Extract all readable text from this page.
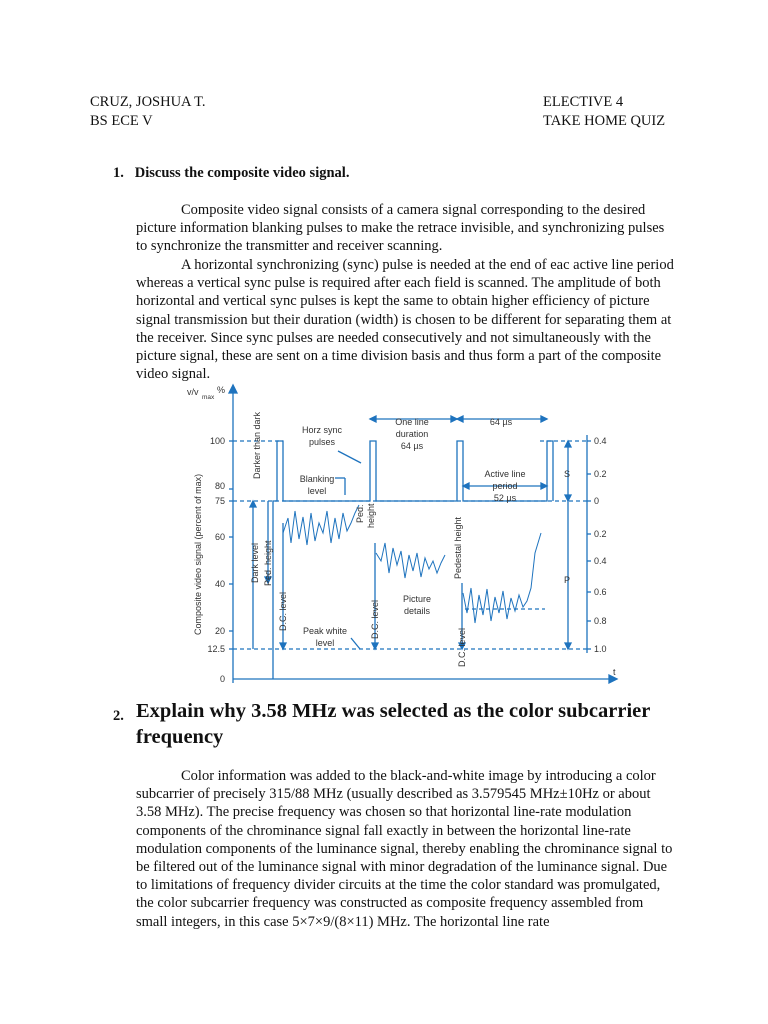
CRUZ, JOSHUA T.
BS ECE V
ELECTIVE 4
TAKE HOME QUIZ
1. Discuss the composite video signal.
Composite video signal consists of a camera signal corresponding to the desired picture information blanking pulses to make the retrace invisible, and synchronizing pulses to synchronize the transmitter and receiver scanning.
A horizontal synchronizing (sync) pulse is needed at the end of eac active line period whereas a vertical sync pulse is required after each field is scanned. The amplitude of both horizontal and vertical sync pulses is kept the same to obtain higher efficiency of picture signal transmission but their duration (width) is chosen to be different for separating them at the receiver. Since sync pulses are needed consecutively and not simultaneously with the picture signal, these are sent on a time division basis and thus form a part of the composite video signal.
v/v
max
%
100
80
75
60
40
20
12.5
0
0.4
0.2
0
0.2
0.4
0.6
0.8
1.0
t
Composite video signal (percent of max)
Darker than dark
Dark level Ped. height
D.C. level	D.C. level
D.C. level
Horz sync
pulses
Blanking
level
One line
duration
64 µs
64 µs
Active line
period
52 µs
S
P
Ped. height
Pedestal height
Picture
details
Peak white
level
2. Explain why 3.58 MHz was selected as the color subcarrier frequency
Color information was added to the black-and-white image by introducing a color subcarrier of precisely 315/88 MHz (usually described as 3.579545 MHz±10Hz or about 3.58 MHz). The precise frequency was chosen so that horizontal line-rate modulation components of the chrominance signal fall exactly in between the horizontal line-rate modulation components of the luminance signal, thereby enabling the chrominance signal to be filtered out of the luminance signal with minor degradation of the luminance signal. Due to limitations of frequency divider circuits at the time the color standard was promulgated, the color subcarrier frequency was constructed as composite frequency assembled from small integers, in this case 5×7×9/(8×11) MHz. The horizontal line rate
